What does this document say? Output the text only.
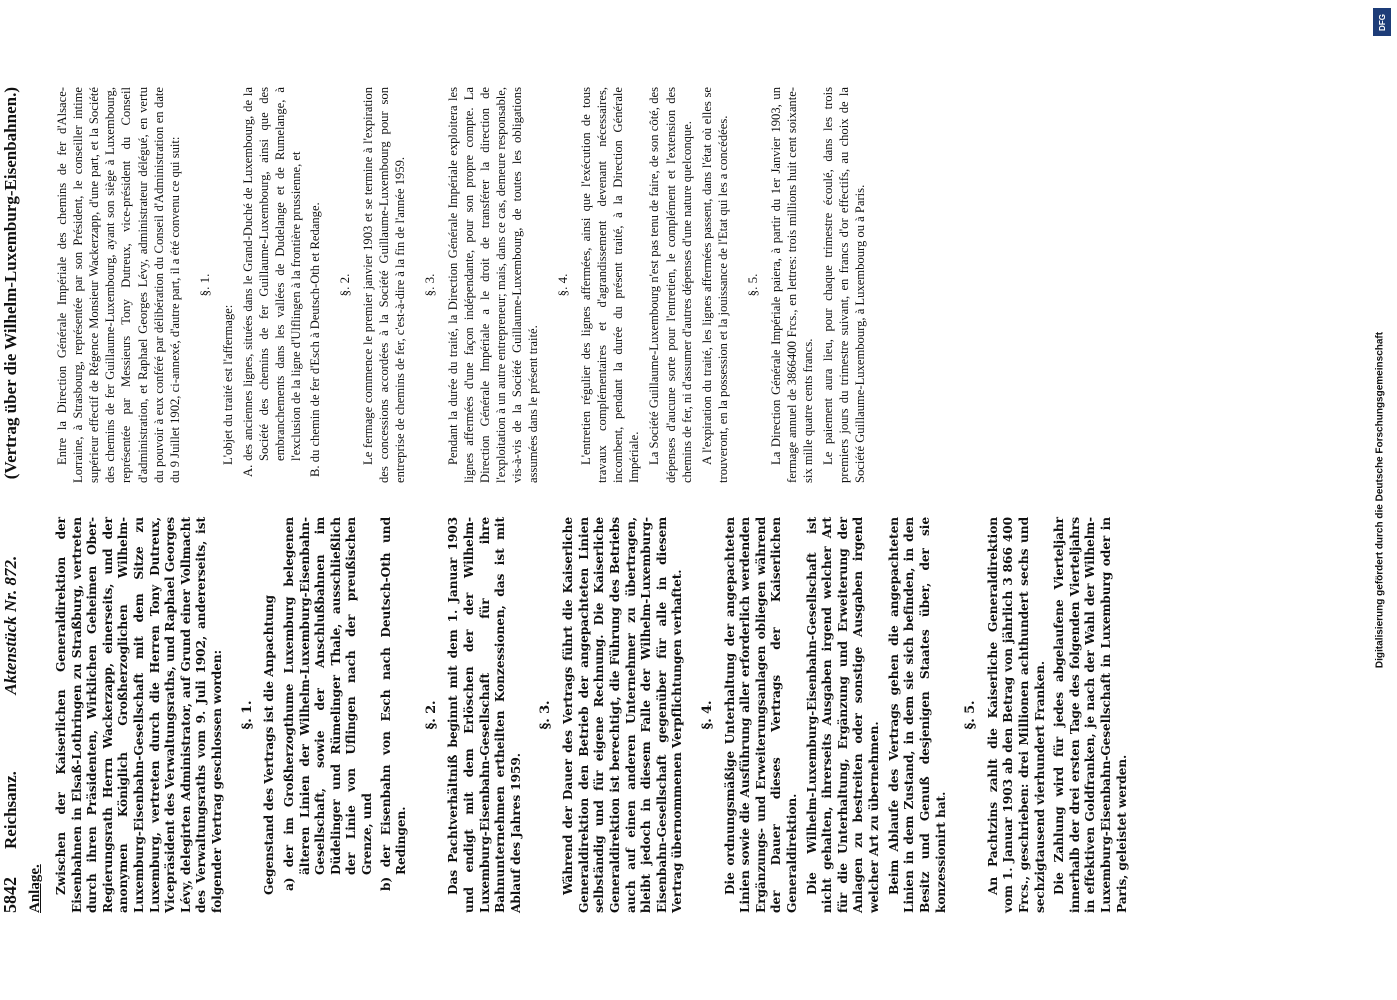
5842
Reichsanz.
Aktenstück Nr. 872.
(Vertrag über die Wilhelm-Luxemburg-Eisenbahnen.)
Anlage. Zwischen der Kaiserlichen Generaldirektion der Eisenbahnen in Elsaß-Lothringen zu Straßburg, vertreten durch ihren Präsidenten, Wirklichen Geheimen Ober-Regierungsrath Herrn Wackerzapp, einerseits, und der anonymen Königlich Großherzoglichen Wilhelm-Luxemburg-Eisenbahn-Gesellschaft mit dem Sitze zu Luxemburg, vertreten durch die Herren Tony Dutreux, Vicepräsident des Verwaltungsraths, und Raphael Georges Lévy, delegirten Administrator, auf Grund einer Vollmacht des Verwaltungsraths vom 9. Juli 1902, andererseits, ist folgender Vertrag geschlossen worden: §. 1. Gegenstand des Vertrags ist die Anpachtung a) der im Großherzogthume Luxemburg belegenen älteren Linien der Wilhelm-Luxemburg-Eisenbahn-Gesellschaft, sowie der Anschlußbahnen im Düdelinger und Rümelinger Thale, ausschließlich der Linie von Uflingen nach der preußischen Grenze, und b) der Eisenbahn von Esch nach Deutsch-Oth und Redingen.
§. 2. Das Pachtverhältniß beginnt mit dem 1. Januar 1903 und endigt mit dem Erlöschen der der Wilhelm-Luxemburg-Eisenbahn-Gesellschaft für ihre Bahnunternehmen ertheilten Konzessionen, das ist mit Ablauf des Jahres 1959.

§. 3. Während der Dauer des Vertrags führt die Kaiserliche Generaldirektion den Betrieb der angepachteten Linien selbständig und für eigene Rechnung. Die Kaiserliche Generaldirektion ist berechtigt, die Führung des Betriebs auch auf einen anderen Unternehmer zu übertragen, bleibt jedoch in diesem Falle der Wilhelm-Luxemburg-Eisenbahn-Gesellschaft gegenüber für alle in diesem Vertrag übernommenen Verpflichtungen verhaftet. §. 4. Die ordnungsmäßige Unterhaltung der angepachteten Linien sowie die Ausführung aller erforderlich werdenden Ergänzungs- und Erweiterungsanlagen obliegen während der Dauer dieses Vertrags der Kaiserlichen Generaldirektion. Die Wilhelm-Luxemburg-Eisenbahn-Gesellschaft ist nicht gehalten, ihrerseits Ausgaben irgend welcher Art für die Unterhaltung, Ergänzung und Erweiterung der Anlagen zu bestreiten oder sonstige Ausgaben irgend welcher Art zu übernehmen. Beim Ablaufe des Vertrags gehen die angepachteten Linien in dem Zustand, in dem sie sich befinden, in den Besitz und Genuß desjenigen Staates über, der sie konzessionirt hat.

§. 5. An Pachtzins zahlt die Kaiserliche Generaldirektion vom 1. Januar 1903 ab den Betrag von jährlich 3 866 400 Frcs., geschrieben: drei Millionen achthundert sechs und sechzigtausend vierhundert Franken. Die Zahlung wird für jedes abgelaufene Vierteljahr innerhalb der drei ersten Tage des folgenden Vierteljahrs in effektiven Goldfranken, je nach der Wahl der Wilhelm-Luxemburg-Eisenbahn-Gesellschaft in Luxemburg oder in Paris, geleistet werden.

Entre la Direction Générale Impériale des chemins de fer d'Alsace-Lorraine, à Strasbourg, représentée par son Président, le conseiller intime supérieur effectif de Régence Monsieur Wackerzapp, d'une part, et la Société des chemins de fer Guillaume-Luxembourg, ayant son siège à Luxembourg, représentée par Messieurs Tony Dutreux, vice-président du Conseil d'administration, et Raphael Georges Lévy, administrateur délégué, en vertu du pouvoir à eux conféré par délibération du Conseil d'Administration en date du 9 Juillet 1902, ci-annexé, d'autre part, il a été convenu ce qui suit: §. 1.

L'objet du traité est l'affermage: A. des anciennes lignes, situées dans le Grand-Duché de Luxembourg, de la Société des chemins de fer Guillaume-Luxembourg, ainsi que des embranchements dans les vallées de Dudelange et de Rumelange, à l'exclusion de la ligne d'Ulflingen à la frontière prussienne, et B. du chemin de fer d'Esch à Deutsch-Oth et Redange. §. 2. Le fermage commence le premier janvier 1903 et se termine à l'expiration des concessions accordées à la Société Guillaume-Luxembourg pour son entreprise de chemins de fer, c'est-à-dire à la fin de l'année 1959. §. 3. Pendant la durée du traité, la Direction Générale Impériale exploitera les lignes affermées d'une façon indépendante, pour son propre compte. La Direction Générale Impériale a le droit de transférer la direction de l'exploitation à un autre entrepreneur; mais, dans ce cas, demeure responsable, vis-à-vis de la Société Guillaume-Luxembourg, de toutes les obligations assumées dans le présent traité.

§. 4. L'entretien régulier des lignes affermées, ainsi que l'exécution de tous travaux complémentaires et d'agrandissement devenant nécessaires, incombent, pendant la durée du présent traité, à la Direction Générale Impériale. La Société Guillaume-Luxembourg n'est pas tenu de faire, de son côté, des dépenses d'aucune sorte pour l'entretien, le complément et l'extension des chemins de fer, ni d'assumer d'autres dépenses d'une nature quelconque. A l'expiration du traité, les lignes affermées passent, dans l'état où elles se trouveront, en la possession et la jouissance de l'Etat qui les a concédées. §. 5. La Direction Générale Impériale paiera, à partir du 1er Janvier 1903, un fermage annuel de 3866400 Frcs., en lettres: trois millions huit cent soixante-six mille quatre cents francs. Le paiement aura lieu, pour chaque trimestre écoulé, dans les trois premiers jours du trimestre suivant, en francs d'or effectifs, au choix de la Société Guillaume-Luxembourg, à Luxembourg ou à Paris.

DFG
Digitalisierung gefördert durch die Deutsche Forschungsgemeinschaft
